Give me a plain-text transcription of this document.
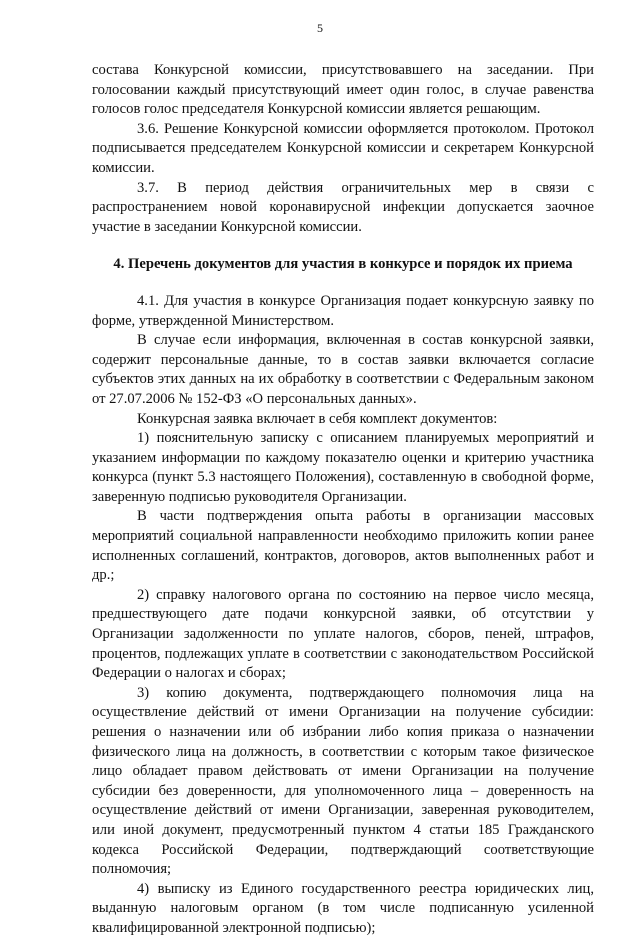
5

состава Конкурсной комиссии, присутствовавшего на заседании. При голосовании каждый присутствующий имеет один голос, в случае равенства голосов голос председателя Конкурсной комиссии является решающим.

3.6. Решение Конкурсной комиссии оформляется протоколом. Протокол подписывается председателем Конкурсной комиссии и секретарем Конкурсной комиссии.

3.7. В период действия ограничительных мер в связи с распространением новой коронавирусной инфекции допускается заочное участие в заседании Конкурсной комиссии.

4. Перечень документов для участия в конкурсе и порядок их приема

4.1. Для участия в конкурсе Организация подает конкурсную заявку по форме, утвержденной Министерством.

В случае если информация, включенная в состав конкурсной заявки, содержит персональные данные, то в состав заявки включается согласие субъектов этих данных на их обработку в соответствии с Федеральным законом от 27.07.2006 № 152-ФЗ «О персональных данных».

Конкурсная заявка включает в себя комплект документов:

1) пояснительную записку с описанием планируемых мероприятий и указанием информации по каждому показателю оценки и критерию участника конкурса (пункт 5.3 настоящего Положения), составленную в свободной форме, заверенную подписью руководителя Организации.

В части подтверждения опыта работы в организации массовых мероприятий социальной направленности необходимо приложить копии ранее исполненных соглашений, контрактов, договоров, актов выполненных работ и др.;

2) справку налогового органа по состоянию на первое число месяца, предшествующего дате подачи конкурсной заявки, об отсутствии у Организации задолженности по уплате налогов, сборов, пеней, штрафов, процентов, подлежащих уплате в соответствии с законодательством Российской Федерации о налогах и сборах;

3) копию документа, подтверждающего полномочия лица на осуществление действий от имени Организации на получение субсидии: решения о назначении или об избрании либо копия приказа о назначении физического лица на должность, в соответствии с которым такое физическое лицо обладает правом действовать от имени Организации на получение субсидии без доверенности, для уполномоченного лица – доверенность на осуществление действий от имени Организации, заверенная руководителем, или иной документ, предусмотренный пунктом 4 статьи 185 Гражданского кодекса Российской Федерации, подтверждающий соответствующие полномочия;

4) выписку из Единого государственного реестра юридических лиц, выданную налоговым органом (в том числе подписанную усиленной квалифицированной электронной подписью);
